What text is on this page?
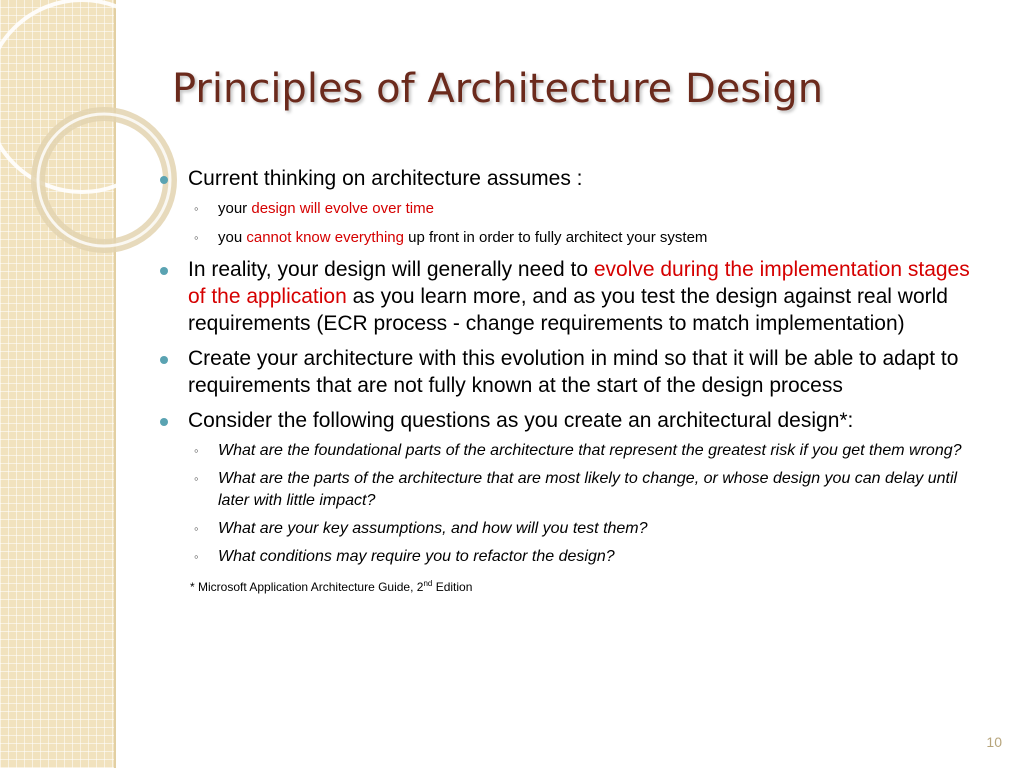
Principles of Architecture Design
Current thinking on architecture assumes :
◦ your design will evolve over time
◦ you cannot know everything up front in order to fully architect your system
In reality, your design will generally need to evolve during the implementation stages of the application as you learn more, and as you test the design against real world requirements (ECR process - change requirements to match implementation)
Create your architecture with this evolution in mind so that it will be able to adapt to requirements that are not fully known at the start of the design process
Consider the following questions as you create an architectural design*:
◦ What are the foundational parts of the architecture that represent the greatest risk if you get them wrong?
◦ What are the parts of the architecture that are most likely to change, or whose design you can delay until later with little impact?
◦ What are your key assumptions, and how will you test them?
◦ What conditions may require you to refactor the design?
* Microsoft Application Architecture Guide, 2nd Edition
10
